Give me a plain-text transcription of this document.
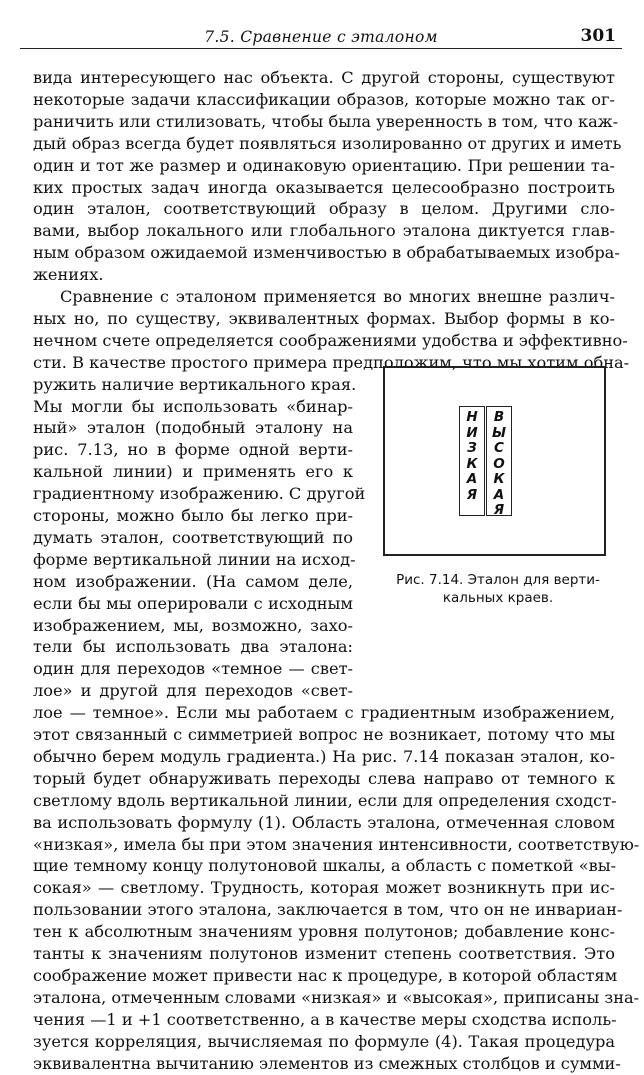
7.5. Сравнение с эталоном	301
вида интересующего нас объекта. С другой стороны, существуют
некоторые задачи классификации образов, которые можно так ог-
раничить или стилизовать, чтобы была уверенность в том, что каж-
дый образ всегда будет появляться изолированно от других и иметь
один и тот же размер и одинаковую ориентацию. При решении та-
ких простых задач иногда оказывается целесообразно построить
один эталон, соответствующий образу в целом. Другими сло-
вами, выбор локального или глобального эталона диктуется глав-
ным образом ожидаемой изменчивостью в обрабатываемых изобра-
жениях.
Сравнение с эталоном применяется во многих внешне различ-
ных но, по существу, эквивалентных формах. Выбор формы в ко-
нечном счете определяется соображениями удобства и эффективно-
сти. В качестве простого примера предположим, что мы хотим обна-
ружить наличие вертикального края.
Мы могли бы использовать «бинар-
ный» эталон (подобный эталону на
рис. 7.13, но в форме одной верти-
кальной линии) и применять его к
градиентному изображению. С другой
стороны, можно было бы легко при-
думать эталон, соответствующий по
форме вертикальной линии на исход-
ном изображении. (На самом деле,
если бы мы оперировали с исходным
изображением, мы, возможно, захо-
тели бы использовать два эталона:
один для переходов «темное — свет-
лое» и другой для переходов «свет-
лое — темное». Если мы работаем с градиентным изображением,
этот связанный с симметрией вопрос не возникает, потому что мы
обычно берем модуль градиента.) На рис. 7.14 показан эталон, ко-
торый будет обнаруживать переходы слева направо от темного к
светлому вдоль вертикальной линии, если для определения сходст-
ва использовать формулу (1). Область эталона, отмеченная словом
«низкая», имела бы при этом значения интенсивности, соответствую-
щие темному концу полутоновой шкалы, а область с пометкой «вы-
сокая» — светлому. Трудность, которая может возникнуть при ис-
пользовании этого эталона, заключается в том, что он не инвариан-
тен к абсолютным значениям уровня полутонов; добавление конс-
танты к значениям полутонов изменит степень соответствия. Это
соображение может привести нас к процедуре, в которой областям
эталона, отмеченным словами «низкая» и «высокая», приписаны зна-
чения —1 и +1 соответственно, а в качестве меры сходства исполь-
зуется корреляция, вычисляемая по формуле (4). Такая процедура
эквивалентна вычитанию элементов из смежных столбцов и сумми-
Н
И
З
К
А
Я
В
Ы
С
О
К
А
Я
Рис. 7.14. Эталон для верти-
кальных краев.
